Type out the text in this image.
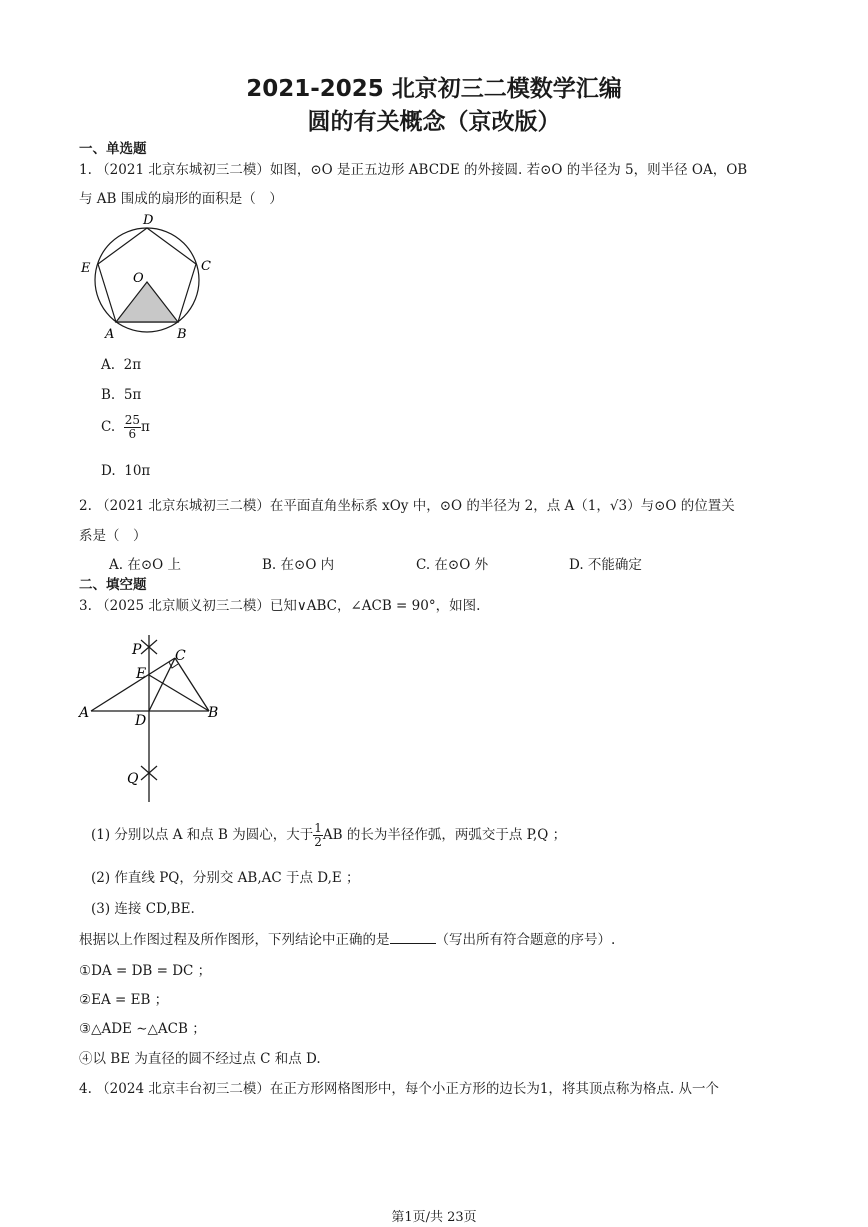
2021-2025 北京初三二模数学汇编
圆的有关概念（京改版）
一、单选题
1. （2021 北京东城初三二模）如图，⊙O 是正五边形 ABCDE 的外接圆. 若⊙O 的半径为 5，则半径 OA，OB
与 AB 围成的扇形的面积是（　）
D
E	C
O
A	B
A. 2π
B. 5π
C. $\frac{25}{6}$ π
D. 10π
2. （2021 北京东城初三二模）在平面直角坐标系 xOy 中，⊙O 的半径为 2，点 A（1，√3）与⊙O 的位置关
系是（　）
A. 在⊙O 上	B. 在⊙O 内	C. 在⊙O 外	D. 不能确定
二、填空题
3. （2025 北京顺义初三二模）已知∨ABC，∠ACB = 90°，如图.
P C
E
A	D	B
Q
(1) 分别以点 A 和点 B 为圆心，大于 $\frac{1}{2}$ AB 的长为半径作弧，两弧交于点 P,Q ；
(2) 作直线 PQ，分别交 AB,AC 于点 D,E ；
(3) 连接 CD,BE.
根据以上作图过程及所作图形，下列结论中正确的是	（写出所有符合题意的序号）.
①DA = DB = DC ；
②EA = EB ；
③△ADE ∼△ACB ；
④以 BE 为直径的圆不经过点 C 和点 D.
4. （2024 北京丰台初三二模）在正方形网格图形中，每个小正方形的边长为1，将其顶点称为格点. 从一个
第1页/共 23页
